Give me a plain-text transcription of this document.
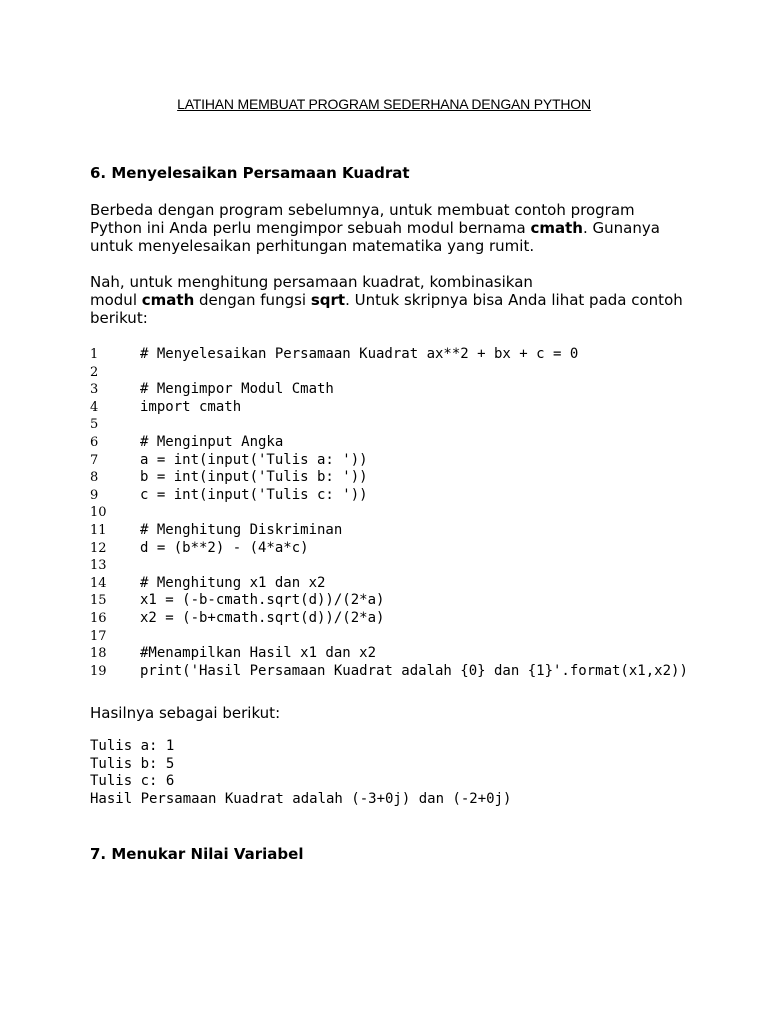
LATIHAN MEMBUAT PROGRAM SEDERHANA DENGAN PYTHON
6. Menyelesaikan Persamaan Kuadrat

Berbeda dengan program sebelumnya, untuk membuat contoh program Python ini Anda perlu mengimpor sebuah modul bernama cmath. Gunanya untuk menyelesaikan perhitungan matematika yang rumit.

Nah, untuk menghitung persamaan kuadrat, kombinasikan
modul cmath dengan fungsi sqrt. Untuk skripnya bisa Anda lihat pada contoh berikut:

1	# Menyelesaikan Persamaan Kuadrat ax**2 + bx + c = 0
2
3	# Mengimpor Modul Cmath
4	import cmath
5
6	# Menginput Angka
7	a = int(input('Tulis a: '))
8	b = int(input('Tulis b: '))
9	c = int(input('Tulis c: '))
10
11 # Menghitung Diskriminan
12 d = (b**2) - (4*a*c)
13
14 # Menghitung x1 dan x2
15 x1 = (-b-cmath.sqrt(d))/(2*a)
16 x2 = (-b+cmath.sqrt(d))/(2*a)
17
18 #Menampilkan Hasil x1 dan x2
19 print('Hasil Persamaan Kuadrat adalah {0} dan {1}'.format(x1,x2))

Hasilnya sebagai berikut:

Tulis a: 1
Tulis b: 5
Tulis c: 6
Hasil Persamaan Kuadrat adalah (-3+0j) dan (-2+0j)
7. Menukar Nilai Variabel
